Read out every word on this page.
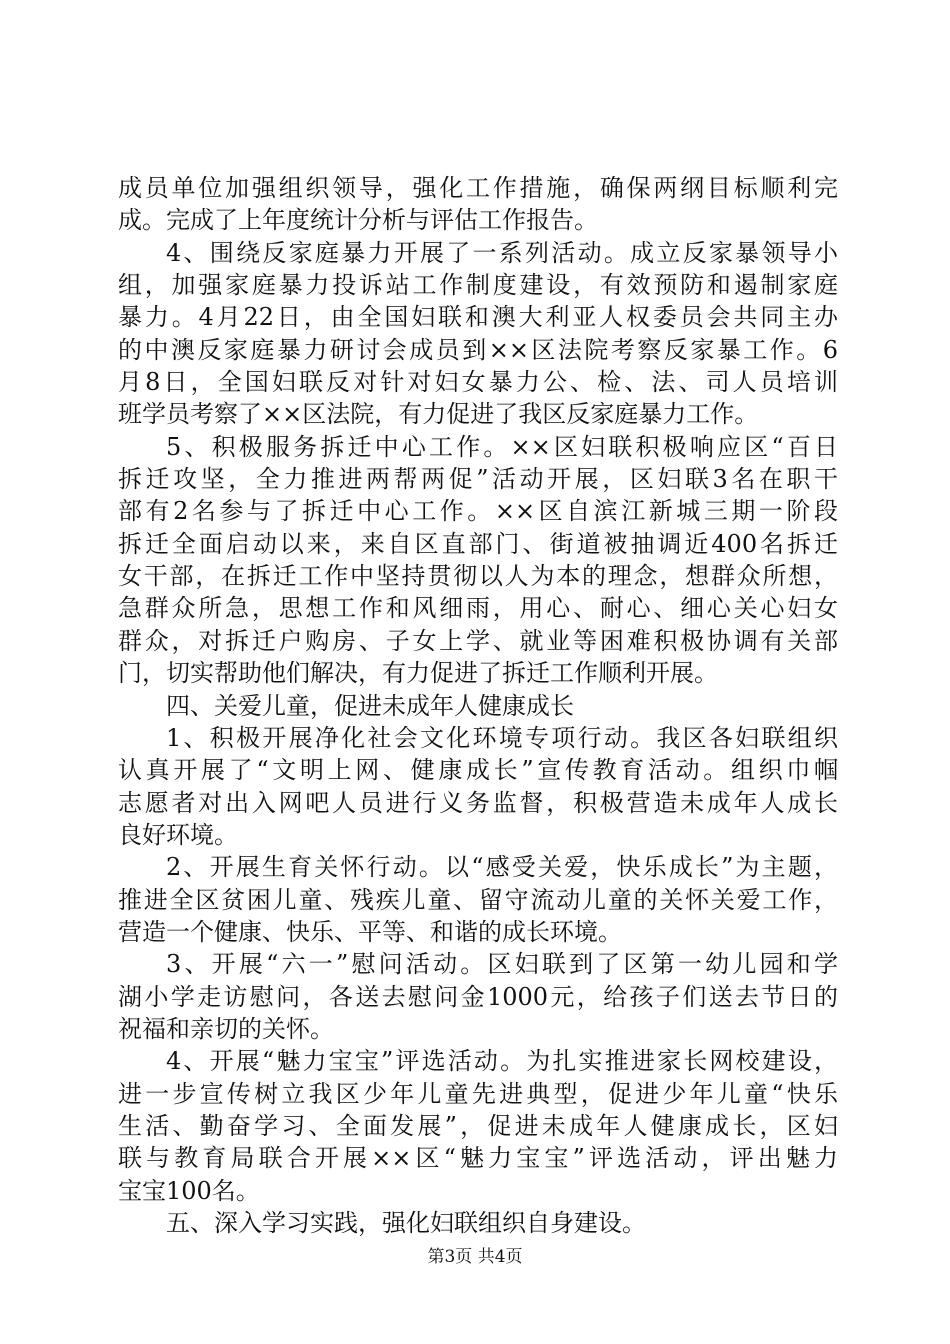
成员单位加强组织领导，强化工作措施，确保两纲目标顺利完
成。完成了上年度统计分析与评估工作报告。
4、围绕反家庭暴力开展了一系列活动。成立反家暴领导小
组，加强家庭暴力投诉站工作制度建设，有效预防和遏制家庭
暴力。4月22日，由全国妇联和澳大利亚人权委员会共同主办
的中澳反家庭暴力研讨会成员到××区法院考察反家暴工作。6
月8日，全国妇联反对针对妇女暴力公、检、法、司人员培训
班学员考察了××区法院，有力促进了我区反家庭暴力工作。
5、积极服务拆迁中心工作。××区妇联积极响应区“百日
拆迁攻坚，全力推进两帮两促”活动开展，区妇联3名在职干
部有2名参与了拆迁中心工作。××区自滨江新城三期一阶段
拆迁全面启动以来，来自区直部门、街道被抽调近400名拆迁
女干部，在拆迁工作中坚持贯彻以人为本的理念，想群众所想，
急群众所急，思想工作和风细雨，用心、耐心、细心关心妇女
群众，对拆迁户购房、子女上学、就业等困难积极协调有关部
门，切实帮助他们解决，有力促进了拆迁工作顺利开展。
四、关爱儿童，促进未成年人健康成长
1、积极开展净化社会文化环境专项行动。我区各妇联组织
认真开展了“文明上网、健康成长”宣传教育活动。组织巾帼
志愿者对出入网吧人员进行义务监督，积极营造未成年人成长
良好环境。
2、开展生育关怀行动。以“感受关爱，快乐成长”为主题，
推进全区贫困儿童、残疾儿童、留守流动儿童的关怀关爱工作，
营造一个健康、快乐、平等、和谐的成长环境。
3、开展“六一”慰问活动。区妇联到了区第一幼儿园和学
湖小学走访慰问，各送去慰问金1000元，给孩子们送去节日的
祝福和亲切的关怀。
4、开展“魅力宝宝”评选活动。为扎实推进家长网校建设，
进一步宣传树立我区少年儿童先进典型，促进少年儿童“快乐
生活、勤奋学习、全面发展”，促进未成年人健康成长，区妇
联与教育局联合开展××区“魅力宝宝”评选活动，评出魅力
宝宝100名。
五、深入学习实践，强化妇联组织自身建设。
第3页 共4页
